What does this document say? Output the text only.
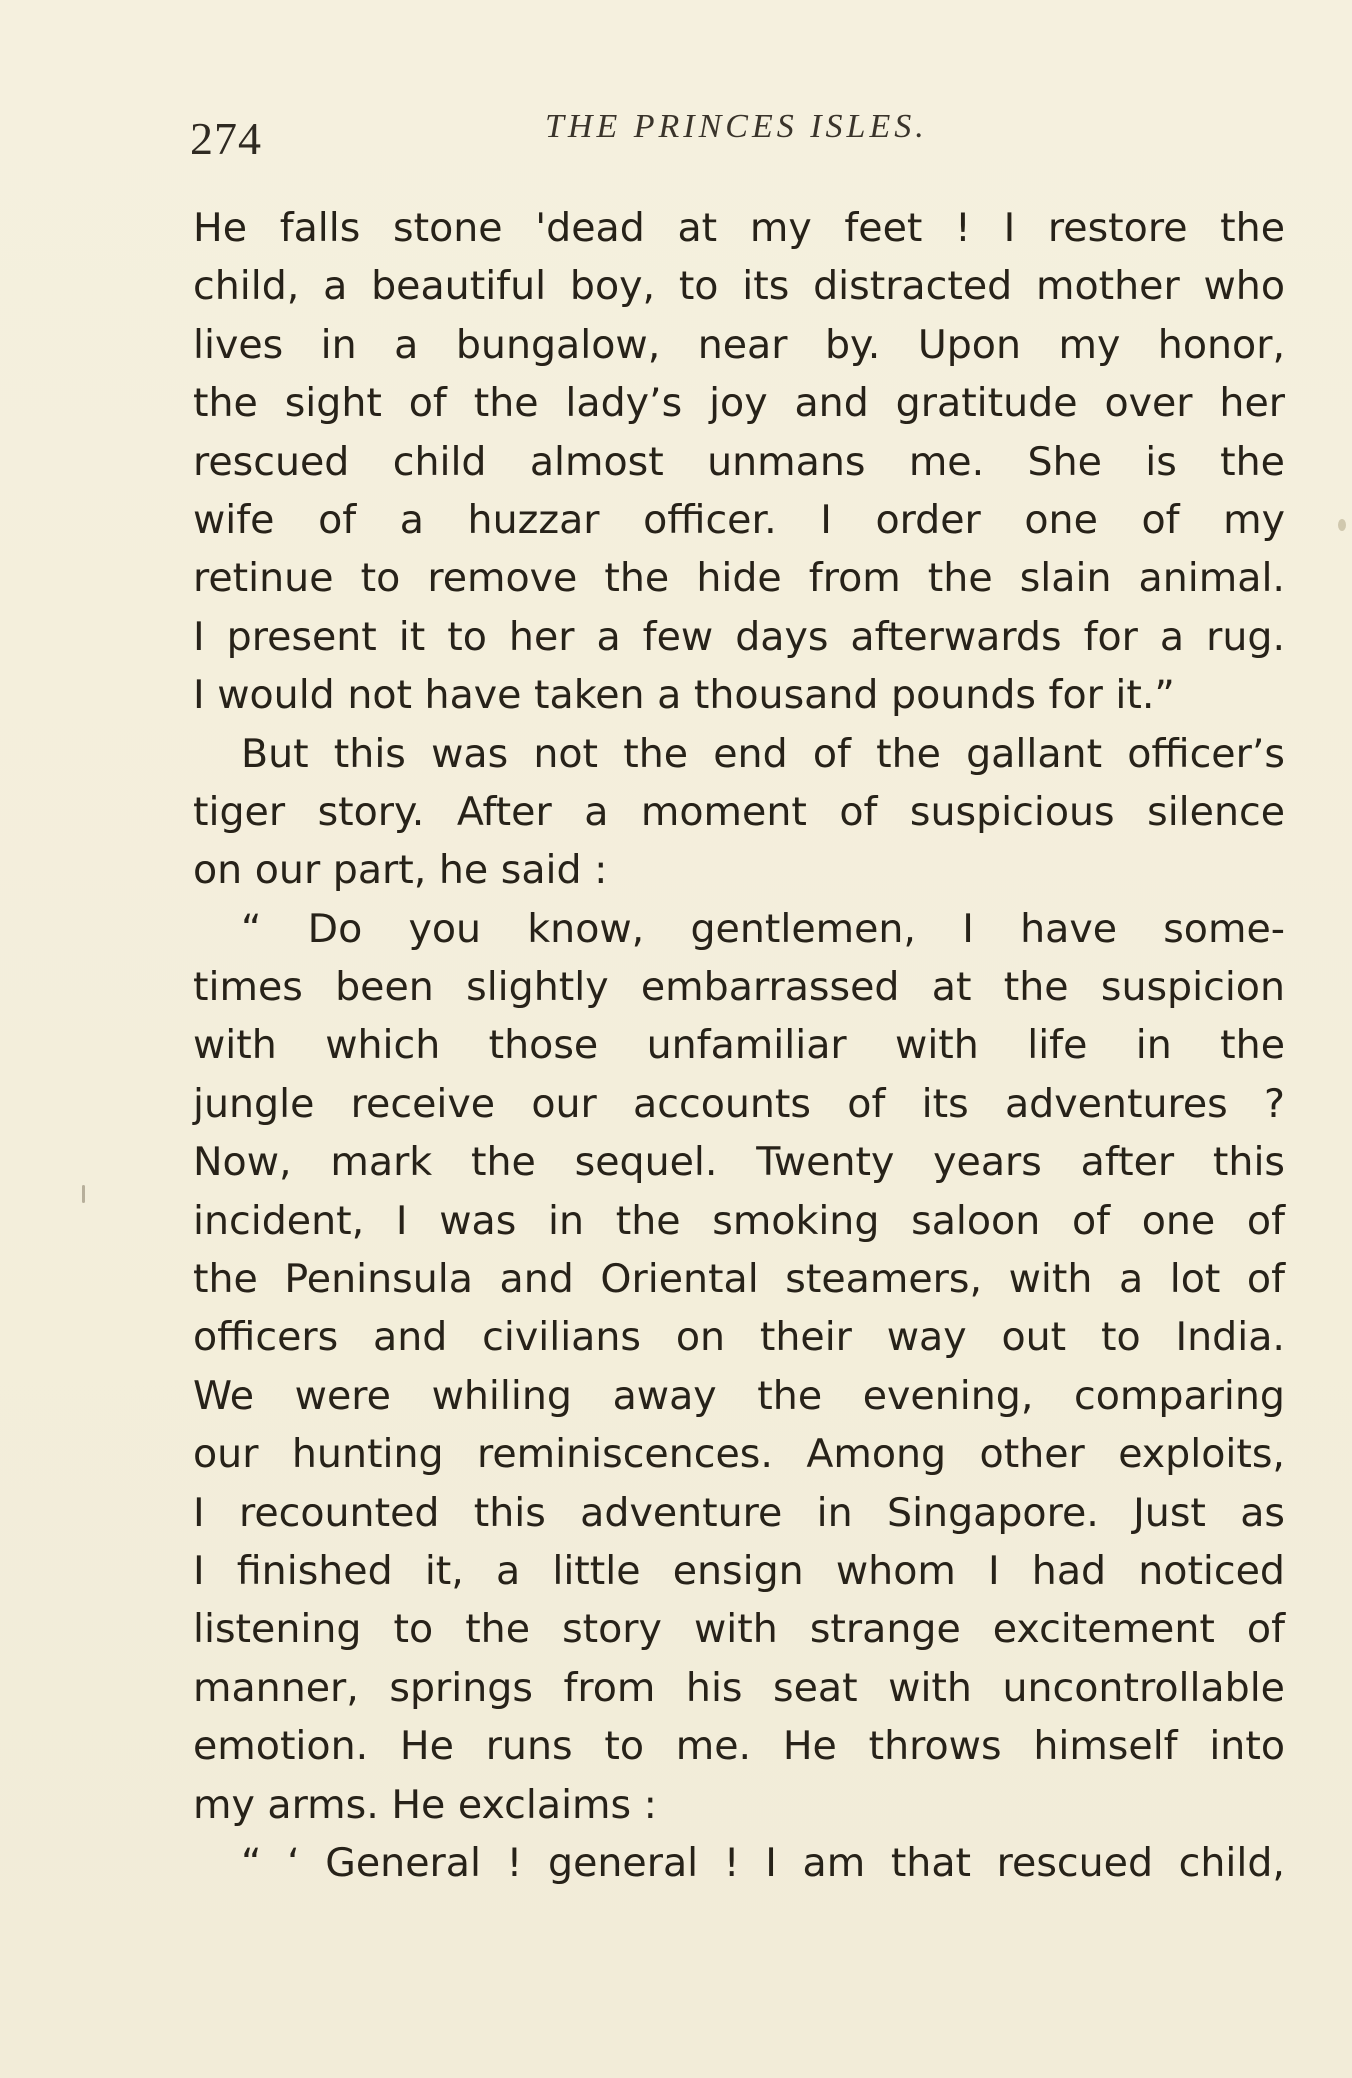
274	THE PRINCES ISLES.
He falls stone 'dead at my feet ! I restore the
child, a beautiful boy, to its distracted mother who
lives in a bungalow, near by. Upon my honor,
the sight of the lady’s joy and gratitude over her
rescued child almost unmans me. She is the
wife of a huzzar officer. I order one of my
retinue to remove the hide from the slain animal.
I present it to her a few days afterwards for a rug.
I would not have taken a thousand pounds for it.”
But this was not the end of the gallant officer’s
tiger story. After a moment of suspicious silence
on our part, he said :
“ Do you know, gentlemen, I have some-
times been slightly embarrassed at the suspicion
with which those unfamiliar with life in the
jungle receive our accounts of its adventures ?
Now, mark the sequel. Twenty years after this
incident, I was in the smoking saloon of one of
the Peninsula and Oriental steamers, with a lot of
officers and civilians on their way out to India.
We were whiling away the evening, comparing
our hunting reminiscences. Among other exploits,
I recounted this adventure in Singapore. Just as
I finished it, a little ensign whom I had noticed
listening to the story with strange excitement of
manner, springs from his seat with uncontrollable
emotion. He runs to me. He throws himself into
my arms. He exclaims :
“ ‘ General ! general ! I am that rescued child,
